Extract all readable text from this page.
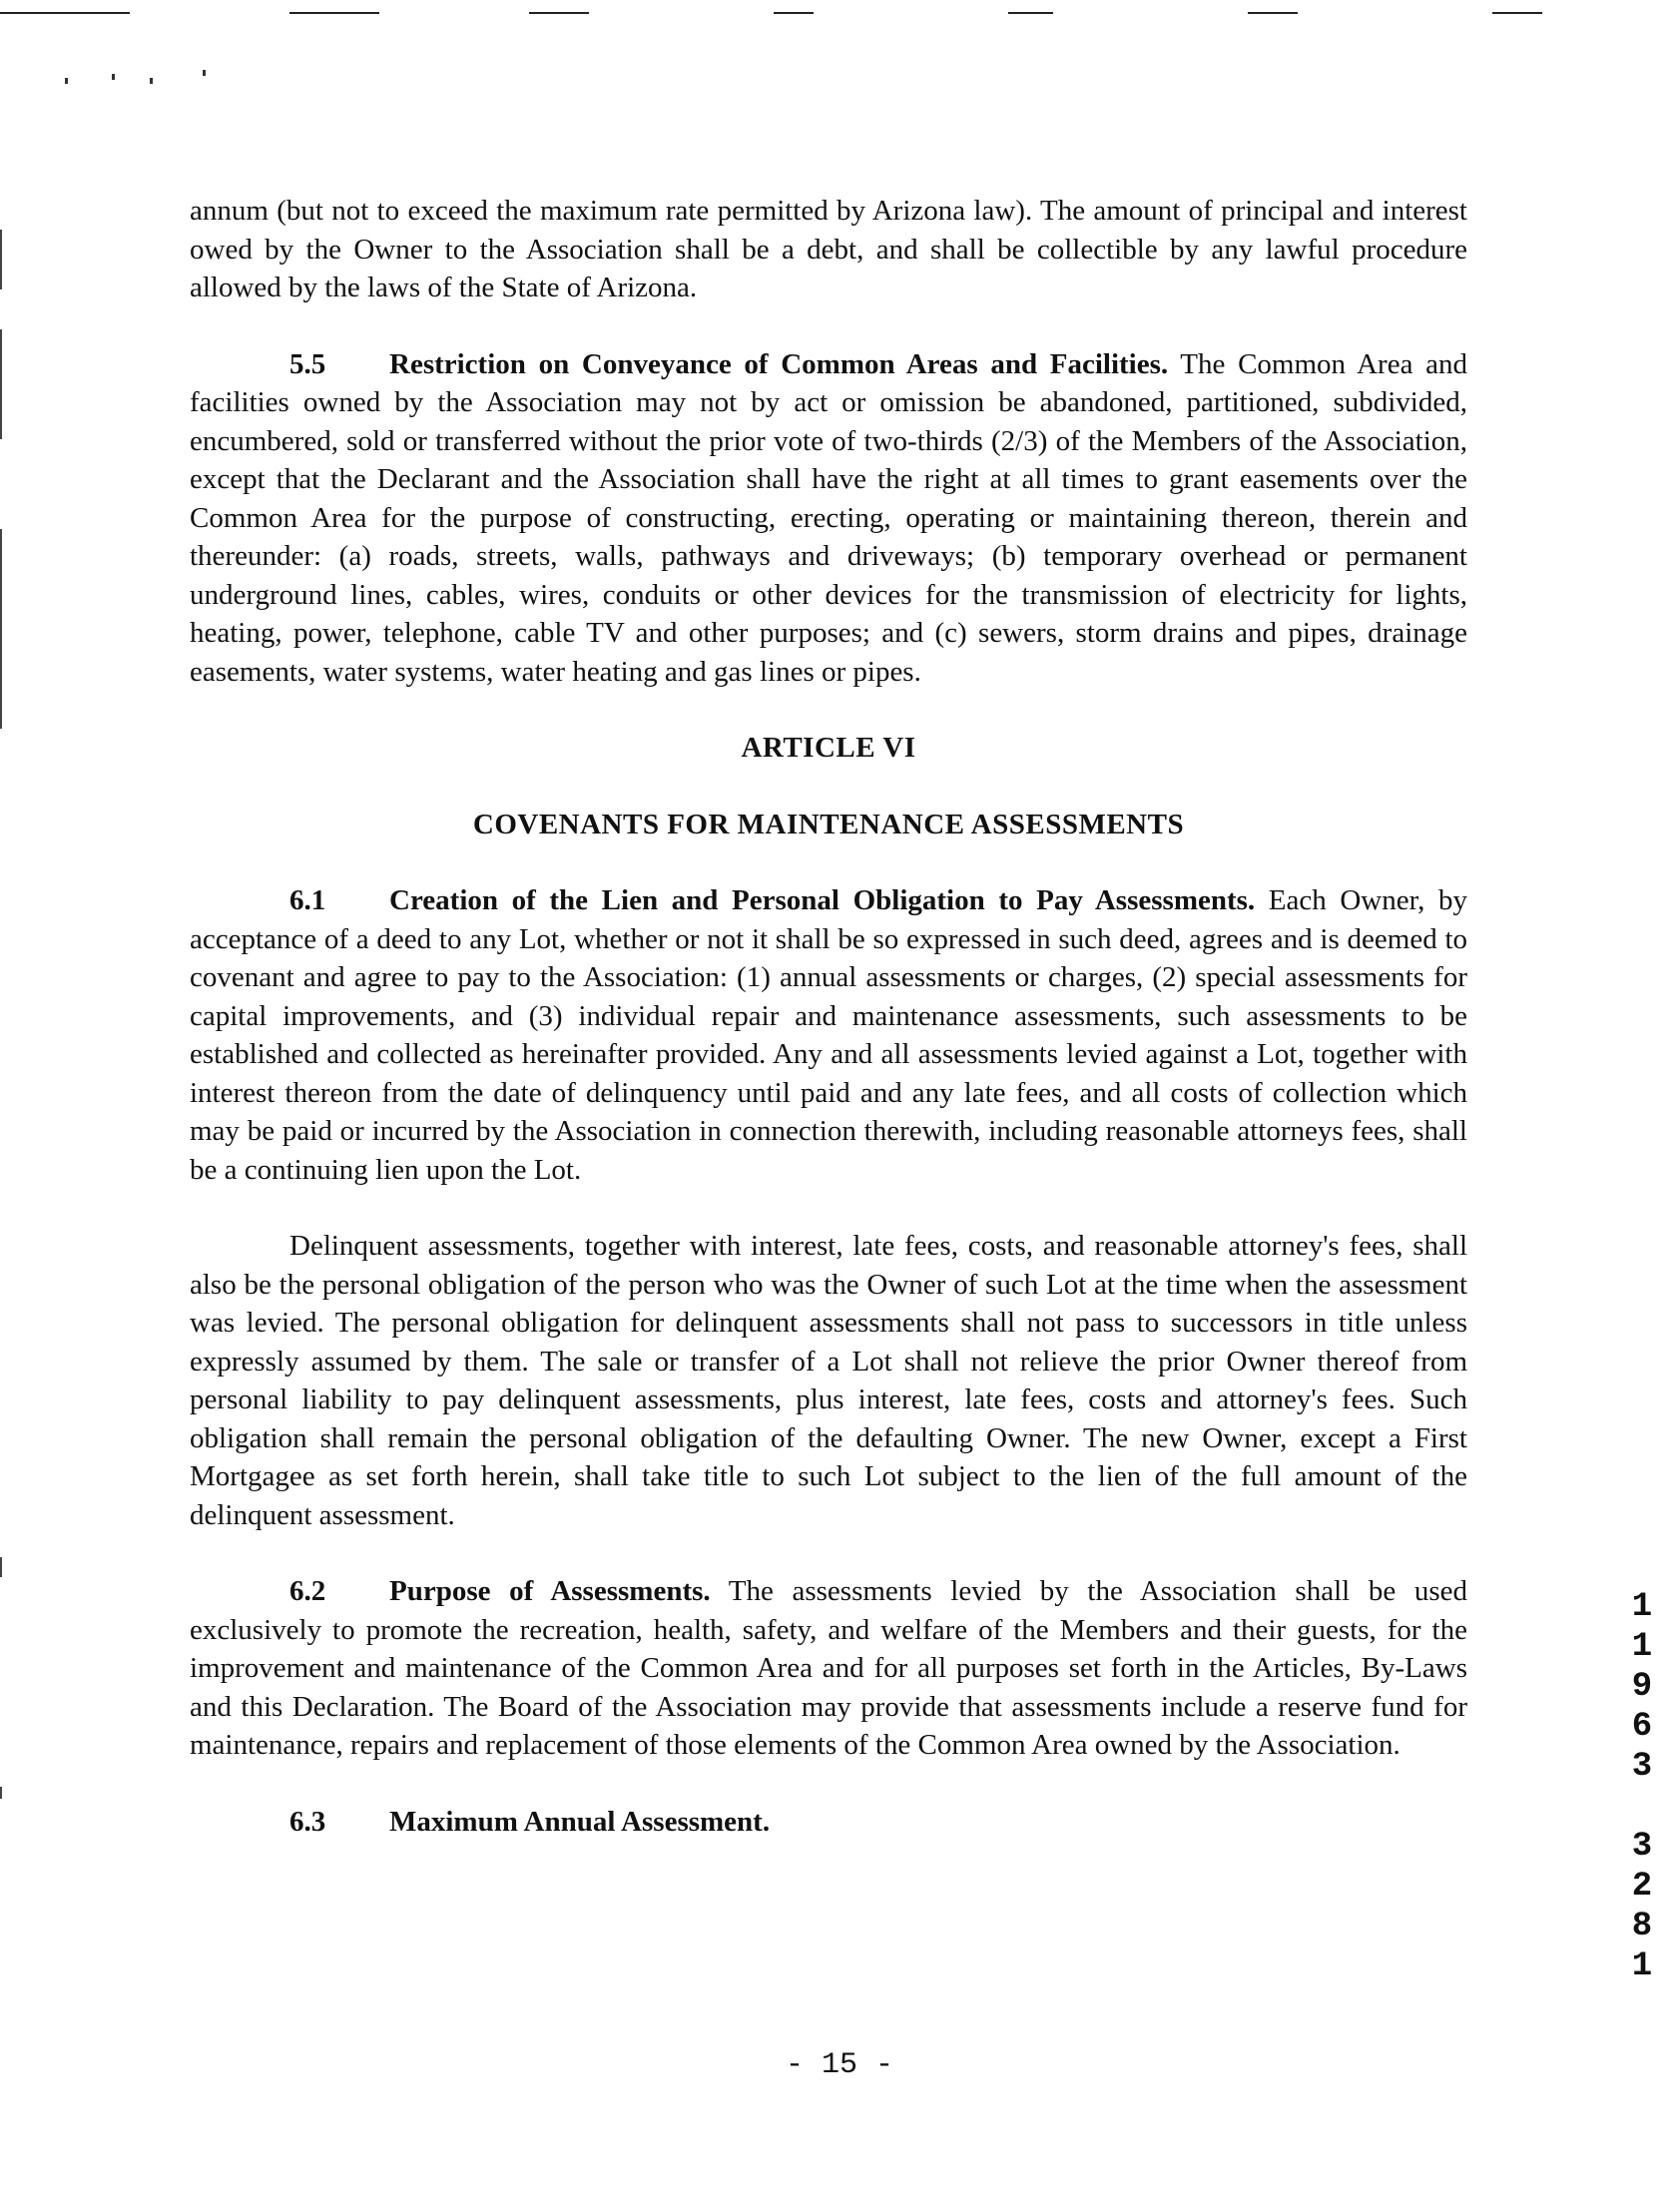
annum (but not to exceed the maximum rate permitted by Arizona law). The amount of principal and interest owed by the Owner to the Association shall be a debt, and shall be collectible by any lawful procedure allowed by the laws of the State of Arizona.

5.5 Restriction on Conveyance of Common Areas and Facilities. The Common Area and facilities owned by the Association may not by act or omission be abandoned, partitioned, subdivided, encumbered, sold or transferred without the prior vote of two-thirds (2/3) of the Members of the Association, except that the Declarant and the Association shall have the right at all times to grant easements over the Common Area for the purpose of constructing, erecting, operating or maintaining thereon, therein and thereunder: (a) roads, streets, walls, pathways and driveways; (b) temporary overhead or permanent underground lines, cables, wires, conduits or other devices for the transmission of electricity for lights, heating, power, telephone, cable TV and other purposes; and (c) sewers, storm drains and pipes, drainage easements, water systems, water heating and gas lines or pipes.

ARTICLE VI
COVENANTS FOR MAINTENANCE ASSESSMENTS

6.1 Creation of the Lien and Personal Obligation to Pay Assessments. Each Owner, by acceptance of a deed to any Lot, whether or not it shall be so expressed in such deed, agrees and is deemed to covenant and agree to pay to the Association: (1) annual assessments or charges, (2) special assessments for capital improvements, and (3) individual repair and maintenance assessments, such assessments to be established and collected as hereinafter provided. Any and all assessments levied against a Lot, together with interest thereon from the date of delinquency until paid and any late fees, and all costs of collection which may be paid or incurred by the Association in connection therewith, including reasonable attorneys fees, shall be a continuing lien upon the Lot.

Delinquent assessments, together with interest, late fees, costs, and reasonable attorney's fees, shall also be the personal obligation of the person who was the Owner of such Lot at the time when the assessment was levied. The personal obligation for delinquent assessments shall not pass to successors in title unless expressly assumed by them. The sale or transfer of a Lot shall not relieve the prior Owner thereof from personal liability to pay delinquent assessments, plus interest, late fees, costs and attorney's fees. Such obligation shall remain the personal obligation of the defaulting Owner. The new Owner, except a First Mortgagee as set forth herein, shall take title to such Lot subject to the lien of the full amount of the delinquent assessment.

6.2 Purpose of Assessments. The assessments levied by the Association shall be used exclusively to promote the recreation, health, safety, and welfare of the Members and their guests, for the improvement and maintenance of the Common Area and for all purposes set forth in the Articles, By-Laws and this Declaration. The Board of the Association may provide that assessments include a reserve fund for maintenance, repairs and replacement of those elements of the Common Area owned by the Association.

6.3 Maximum Annual Assessment.

1
1
9
6
3
3
2
8
1
- 15 -
